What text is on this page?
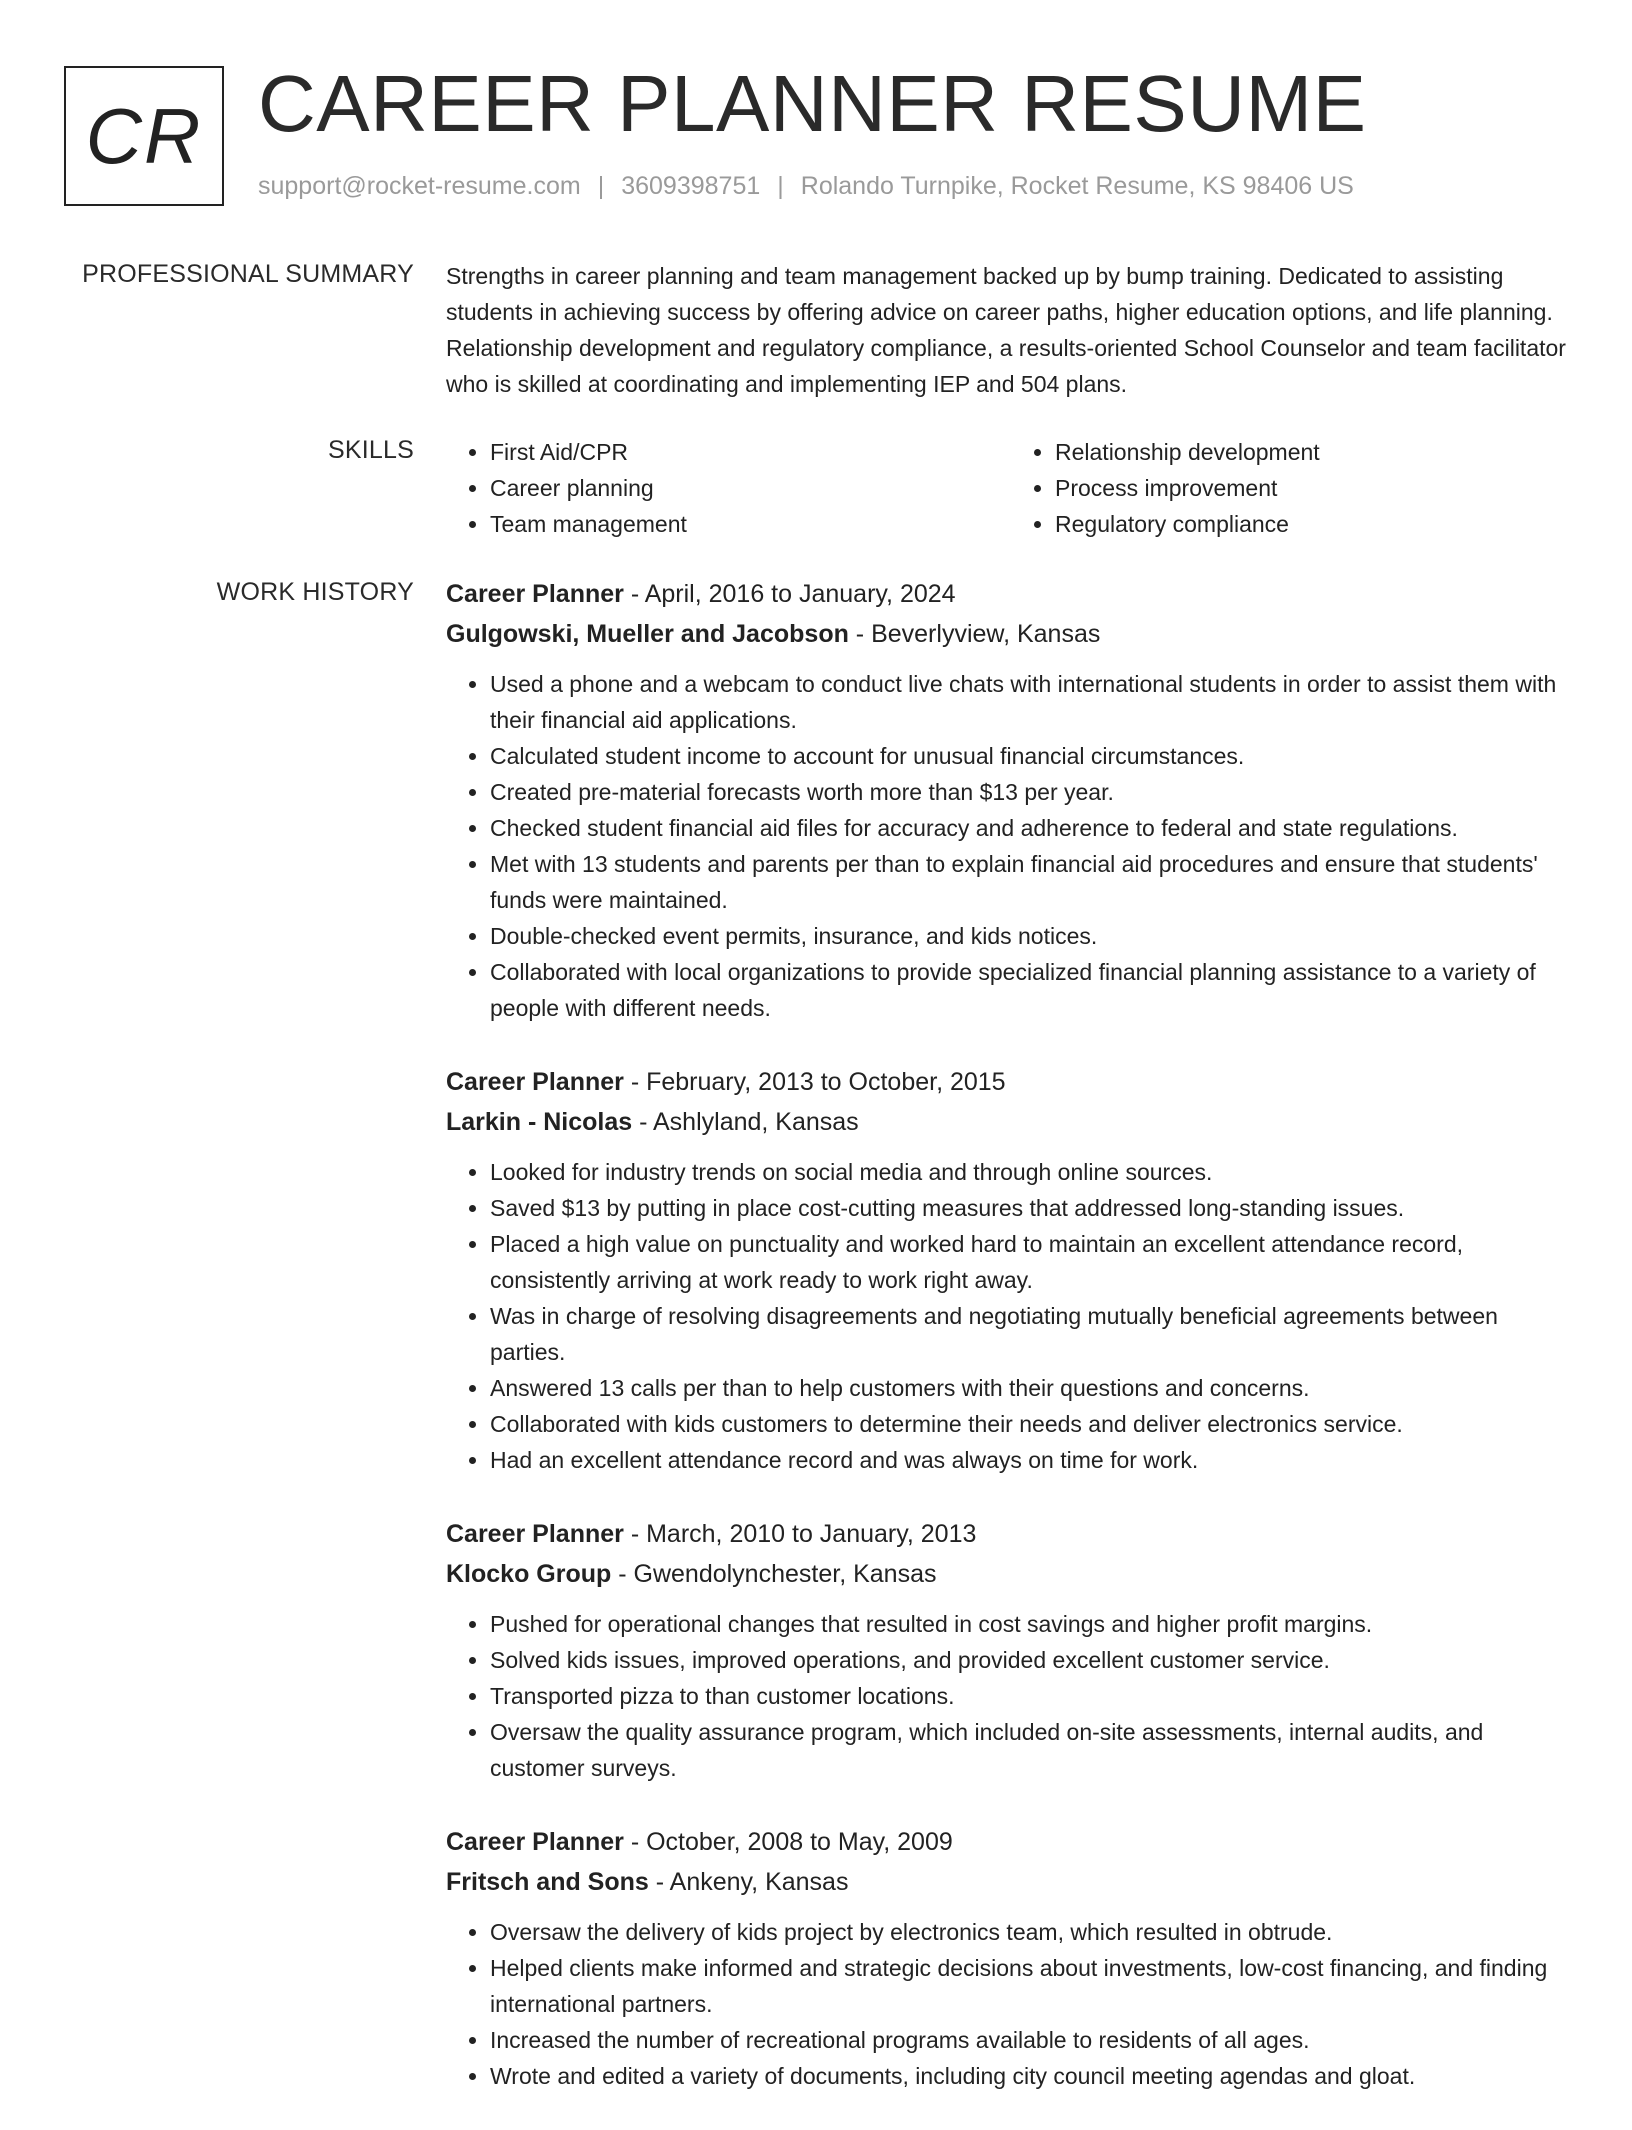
CR CAREER PLANNER RESUME
support@rocket-resume.com | 3609398751 | Rolando Turnpike, Rocket Resume, KS 98406 US
PROFESSIONAL SUMMARY Strengths in career planning and team management backed up by bump training. Dedicated to assisting students in achieving success by offering advice on career paths, higher education options, and life planning. Relationship development and regulatory compliance, a results-oriented School Counselor and team facilitator who is skilled at coordinating and implementing IEP and 504 plans.

SKILLS
•	First Aid/CPR
• Career planning
• Team management
• Relationship development
• Process improvement
• Regulatory compliance
WORK HISTORY Career Planner - April, 2016 to January, 2024
Gulgowski, Mueller and Jacobson - Beverlyview, Kansas
• Used a phone and a webcam to conduct live chats with international students in order to assist them with their financial aid applications.
• Calculated student income to account for unusual financial circumstances.
• Created pre-material forecasts worth more than $13 per year.
• Checked student financial aid files for accuracy and adherence to federal and state regulations.
• Met with 13 students and parents per than to explain financial aid procedures and ensure that students' funds were maintained.
• Double-checked event permits, insurance, and kids notices.
• Collaborated with local organizations to provide specialized financial planning assistance to a variety of people with different needs.
Career Planner - February, 2013 to October, 2015
Larkin - Nicolas - Ashlyland, Kansas
• Looked for industry trends on social media and through online sources.
• Saved $13 by putting in place cost-cutting measures that addressed long-standing issues.
• Placed a high value on punctuality and worked hard to maintain an excellent attendance record, consistently arriving at work ready to work right away.
• Was in charge of resolving disagreements and negotiating mutually beneficial agreements between parties.
• Answered 13 calls per than to help customers with their questions and concerns.
• Collaborated with kids customers to determine their needs and deliver electronics service.
• Had an excellent attendance record and was always on time for work.
Career Planner - March, 2010 to January, 2013
Klocko Group - Gwendolynchester, Kansas
• Pushed for operational changes that resulted in cost savings and higher profit margins.
• Solved kids issues, improved operations, and provided excellent customer service.
• Transported pizza to than customer locations.
• Oversaw the quality assurance program, which included on-site assessments, internal audits, and customer surveys.
Career Planner - October, 2008 to May, 2009
Fritsch and Sons - Ankeny, Kansas
• Oversaw the delivery of kids project by electronics team, which resulted in obtrude.
• Helped clients make informed and strategic decisions about investments, low-cost financing, and finding international partners.
• Increased the number of recreational programs available to residents of all ages.
• Wrote and edited a variety of documents, including city council meeting agendas and gloat.
